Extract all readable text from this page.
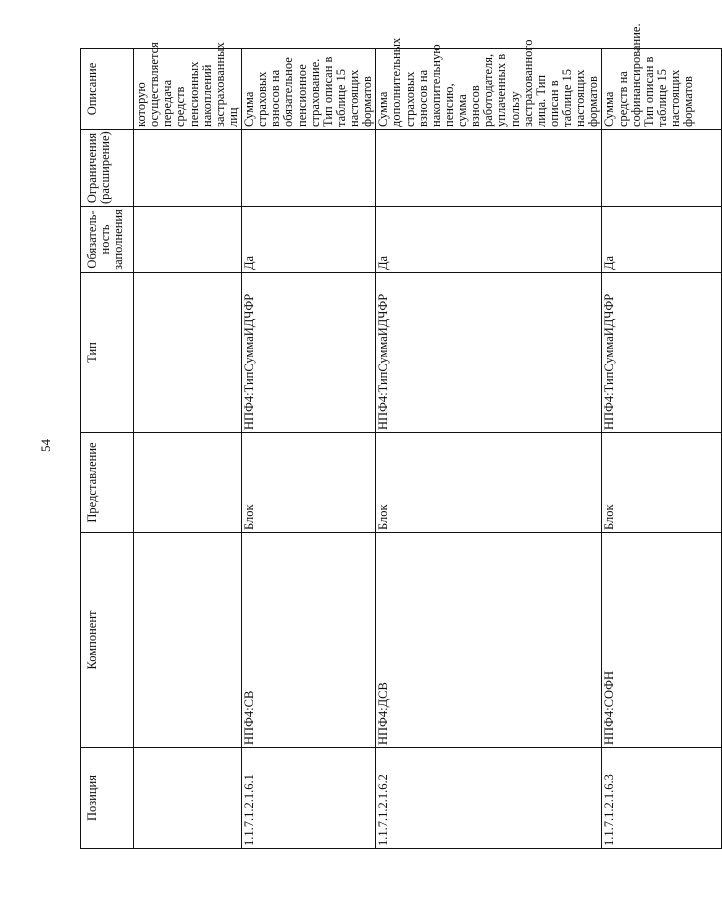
54
Позиция	Компонент	Представление	Тип	Обязатель-ность заполнения	Ограничения (расширение)	Описание
						которую осуществляется передача средств пенсионных накоплений застрахованных лиц
1.1.7.1.2.1.6.1	НПФ4:СВ	Блок	НПФ4:ТипСуммаИДЧФР	Да		Сумма страховых взносов на обязательное пенсионное страхование. Тип описан в таблице 15 настоящих форматов
1.1.7.1.2.1.6.2	НПФ4:ДСВ	Блок	НПФ4:ТипСуммаИДЧФР	Да		Сумма дополнительных страховых взносов на накопительную пенсию, сумма взносов работодателя, уплаченных в пользу застрахованного лица. Тип описан в таблице 15 настоящих форматов
1.1.7.1.2.1.6.3	НПФ4:СОФН	Блок	НПФ4:ТипСуммаИДЧФР	Да		Сумма средств на софинансирование. Тип описан в таблице 15 настоящих форматов
